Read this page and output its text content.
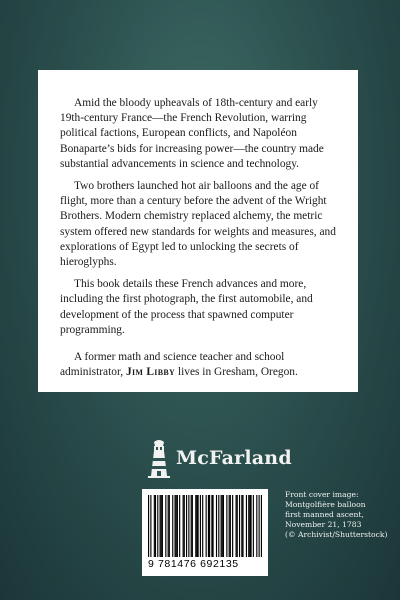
Amid the bloody upheavals of 18th-century and early 19th-century France—the French Revolution, warring political factions, European conflicts, and Napoléon Bonaparte’s bids for increasing power—the country made substantial advancements in science and technology.

Two brothers launched hot air balloons and the age of flight, more than a century before the advent of the Wright Brothers. Modern chemistry replaced alchemy, the metric system offered new standards for weights and measures, and explorations of Egypt led to unlocking the secrets of hieroglyphs.

This book details these French advances and more, including the first photograph, the first automobile, and development of the process that spawned computer programming.

A former math and science teacher and school administrator, Jim Libby lives in Gresham, Oregon.

McFarland
9 781476 692135
Front cover image:
Montgolfière balloon
first manned ascent,
November 21, 1783
(© Archivist/Shutterstock)
